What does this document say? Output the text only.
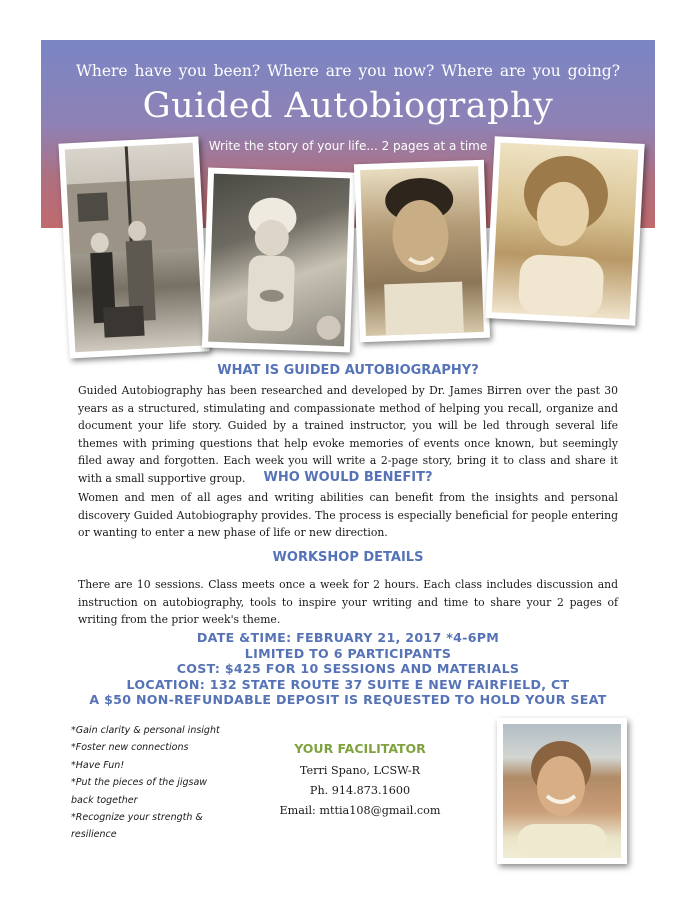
Where have you been? Where are you now? Where are you going?
Guided Autobiography
Write the story of your life... 2 pages at a time
WHAT IS GUIDED AUTOBIOGRAPHY?
Guided Autobiography has been researched and developed by Dr. James Birren over the past 30 years as a structured, stimulating and compassionate method of helping you recall, organize and document your life story. Guided by a trained instructor, you will be led through several life themes with priming questions that help evoke memories of events once known, but seemingly filed away and forgotten. Each week you will write a 2-page story, bring it to class and share it with a small supportive group.	WHO WOULD BENEFIT?
Women and men of all ages and writing abilities can benefit from the insights and personal discovery Guided Autobiography provides. The process is especially beneficial for people entering or wanting to enter a new phase of life or new direction.
WORKSHOP DETAILS
There are 10 sessions. Class meets once a week for 2 hours. Each class includes discussion and instruction on autobiography, tools to inspire your writing and time to share your 2 pages of writing from the prior week's theme.
DATE &TIME: FEBRUARY 21, 2017 *4-6PM
LIMITED TO 6 PARTICIPANTS
COST: $425 FOR 10 SESSIONS AND MATERIALS
LOCATION: 132 STATE ROUTE 37 SUITE E NEW FAIRFIELD, CT
A $50 NON-REFUNDABLE DEPOSIT IS REQUESTED TO HOLD YOUR SEAT
*Gain clarity & personal insight
*Foster new connections
*Have Fun!
*Put the pieces of the jigsaw back together
*Recognize your strength & resilience
YOUR FACILITATOR
Terri Spano, LCSW-R
Ph. 914.873.1600
Email: mttia108@gmail.com
